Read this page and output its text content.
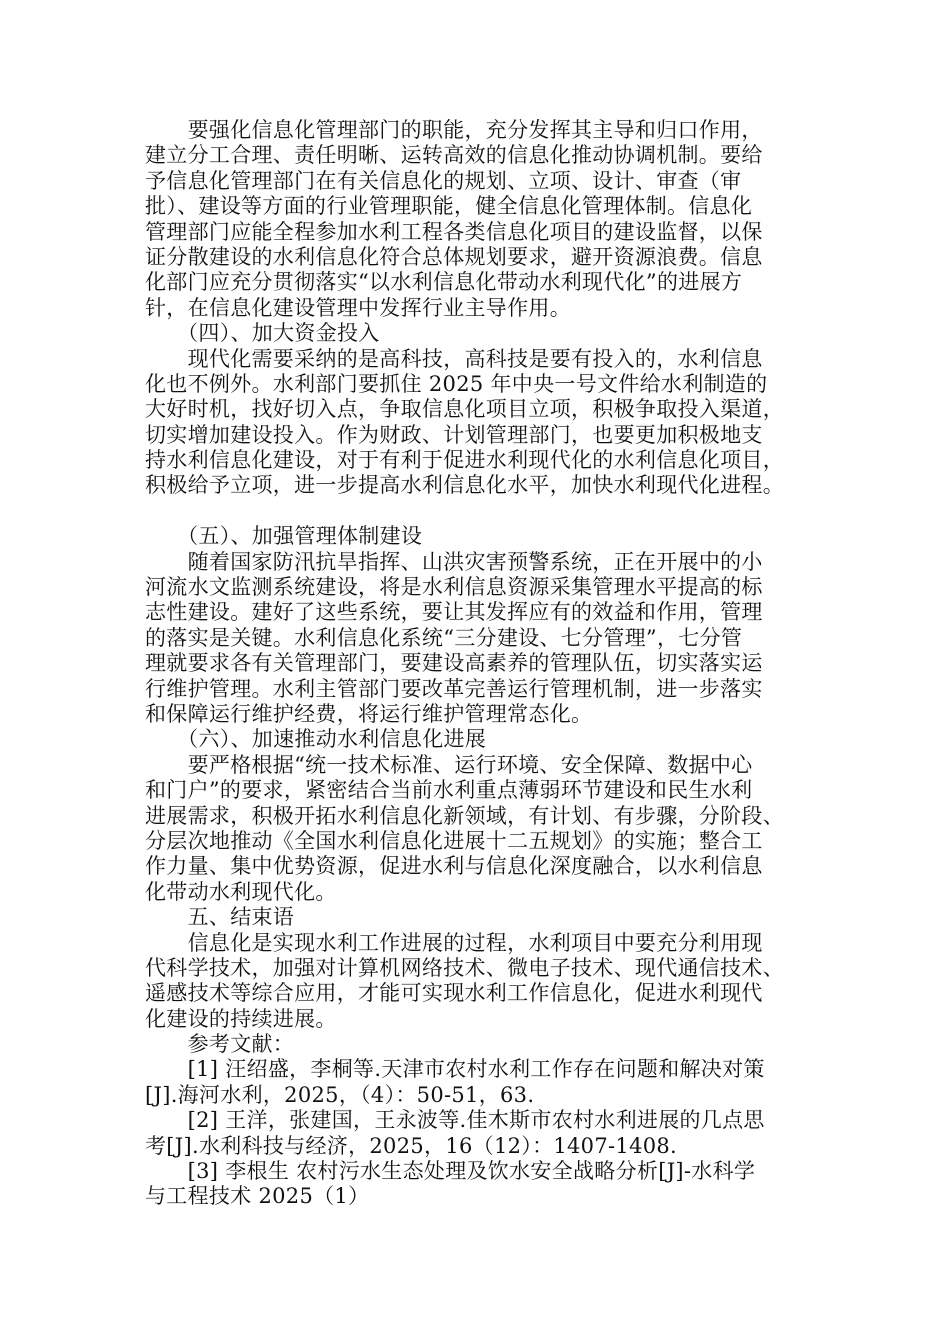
　　要强化信息化管理部门的职能，充分发挥其主导和归口作用，
建立分工合理、责任明晰、运转高效的信息化推动协调机制。要给
予信息化管理部门在有关信息化的规划、立项、设计、审查（审
批）、建设等方面的行业管理职能，健全信息化管理体制。信息化
管理部门应能全程参加水利工程各类信息化项目的建设监督，以保
证分散建设的水利信息化符合总体规划要求，避开资源浪费。信息
化部门应充分贯彻落实“以水利信息化带动水利现代化”的进展方
针，在信息化建设管理中发挥行业主导作用。
　　（四）、加大资金投入
　　现代化需要采纳的是高科技，高科技是要有投入的，水利信息
化也不例外。水利部门要抓住 2025 年中央一号文件给水利制造的
大好时机，找好切入点，争取信息化项目立项，积极争取投入渠道，
切实增加建设投入。作为财政、计划管理部门，也要更加积极地支
持水利信息化建设，对于有利于促进水利现代化的水利信息化项目，
积极给予立项，进一步提高水利信息化水平，加快水利现代化进程。
　　（五）、加强管理体制建设
　　随着国家防汛抗旱指挥、山洪灾害预警系统，正在开展中的小
河流水文监测系统建设，将是水利信息资源采集管理水平提高的标
志性建设。建好了这些系统，要让其发挥应有的效益和作用，管理
的落实是关键。水利信息化系统“三分建设、七分管理”，七分管
理就要求各有关管理部门，要建设高素养的管理队伍，切实落实运
行维护管理。水利主管部门要改革完善运行管理机制，进一步落实
和保障运行维护经费，将运行维护管理常态化。
　　（六）、加速推动水利信息化进展
　　要严格根据“统一技术标准、运行环境、安全保障、数据中心
和门户”的要求，紧密结合当前水利重点薄弱环节建设和民生水利
进展需求，积极开拓水利信息化新领域，有计划、有步骤，分阶段、
分层次地推动《全国水利信息化进展十二五规划》的实施；整合工
作力量、集中优势资源，促进水利与信息化深度融合，以水利信息
化带动水利现代化。
　　五、结束语
　　信息化是实现水利工作进展的过程，水利项目中要充分利用现
代科学技术，加强对计算机网络技术、微电子技术、现代通信技术、
遥感技术等综合应用，才能可实现水利工作信息化，促进水利现代
化建设的持续进展。
　　参考文献：
　　[1] 汪绍盛，李桐等.天津市农村水利工作存在问题和解决对策
[J].海河水利，2025，（4）：50-51，63.
　　[2] 王洋，张建国，王永波等.佳木斯市农村水利进展的几点思
考[J].水利科技与经济，2025，16（12）：1407-1408.
　　[3] 李根生 农村污水生态处理及饮水安全战略分析[J]-水科学
与工程技术 2025（1）
